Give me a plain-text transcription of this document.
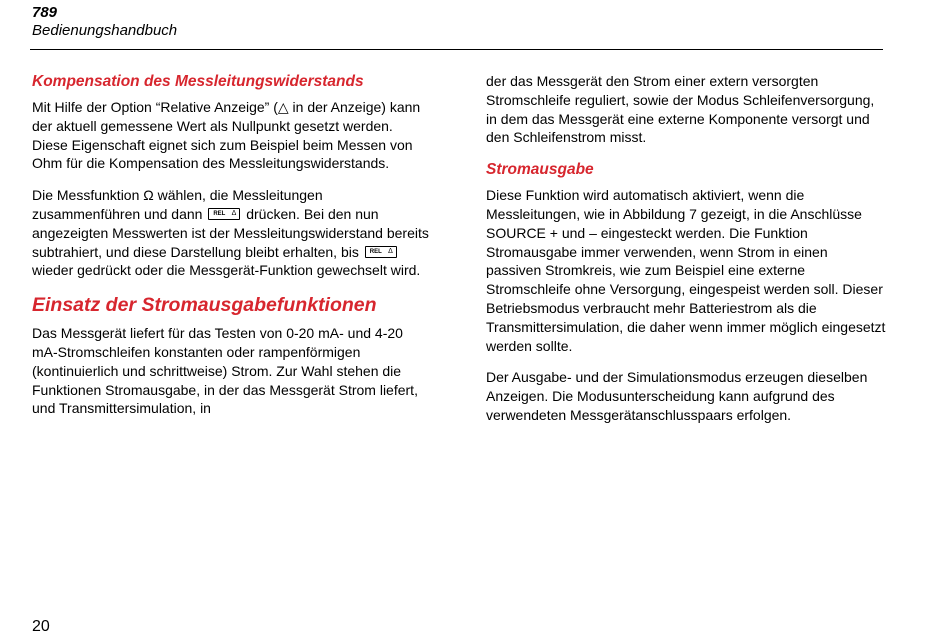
789
Bedienungshandbuch
Kompensation des Messleitungswiderstands

Mit Hilfe der Option “Relative Anzeige” (△ in der Anzeige) kann der aktuell gemessene Wert als Nullpunkt gesetzt werden. Diese Eigenschaft eignet sich zum Beispiel beim Messen von Ohm für die Kompensation des Messleitungswiderstands.

Die Messfunktion Ω wählen, die Messleitungen zusammenführen und dann REL Δ drücken. Bei den nun angezeigten Messwerten ist der Messleitungswiderstand bereits subtrahiert, und diese Darstellung bleibt erhalten, bis REL Δ
wieder gedrückt oder die Messgerät-Funktion gewechselt wird.

Einsatz der Stromausgabefunktionen

Das Messgerät liefert für das Testen von 0-20 mA- und 4-20 mA-Stromschleifen konstanten oder rampenförmigen (kontinuierlich und schrittweise) Strom. Zur Wahl stehen die Funktionen Stromausgabe, in der das Messgerät Strom liefert, und Transmittersimulation, in

der das Messgerät den Strom einer extern versorgten Stromschleife reguliert, sowie der Modus Schleifenversorgung, in dem das Messgerät eine externe Komponente versorgt und den Schleifenstrom misst.

Stromausgabe

Diese Funktion wird automatisch aktiviert, wenn die Messleitungen, wie in Abbildung 7 gezeigt, in die Anschlüsse SOURCE + und – eingesteckt werden. Die Funktion Stromausgabe immer verwenden, wenn Strom in einen passiven Stromkreis, wie zum Beispiel eine externe Stromschleife ohne Versorgung, eingespeist werden soll. Dieser Betriebsmodus verbraucht mehr Batteriestrom als die Transmittersimulation, die daher wenn immer möglich eingesetzt werden sollte.

Der Ausgabe- und der Simulationsmodus erzeugen dieselben Anzeigen. Die Modusunterscheidung kann aufgrund des verwendeten Messgerätanschlusspaars erfolgen.

20
